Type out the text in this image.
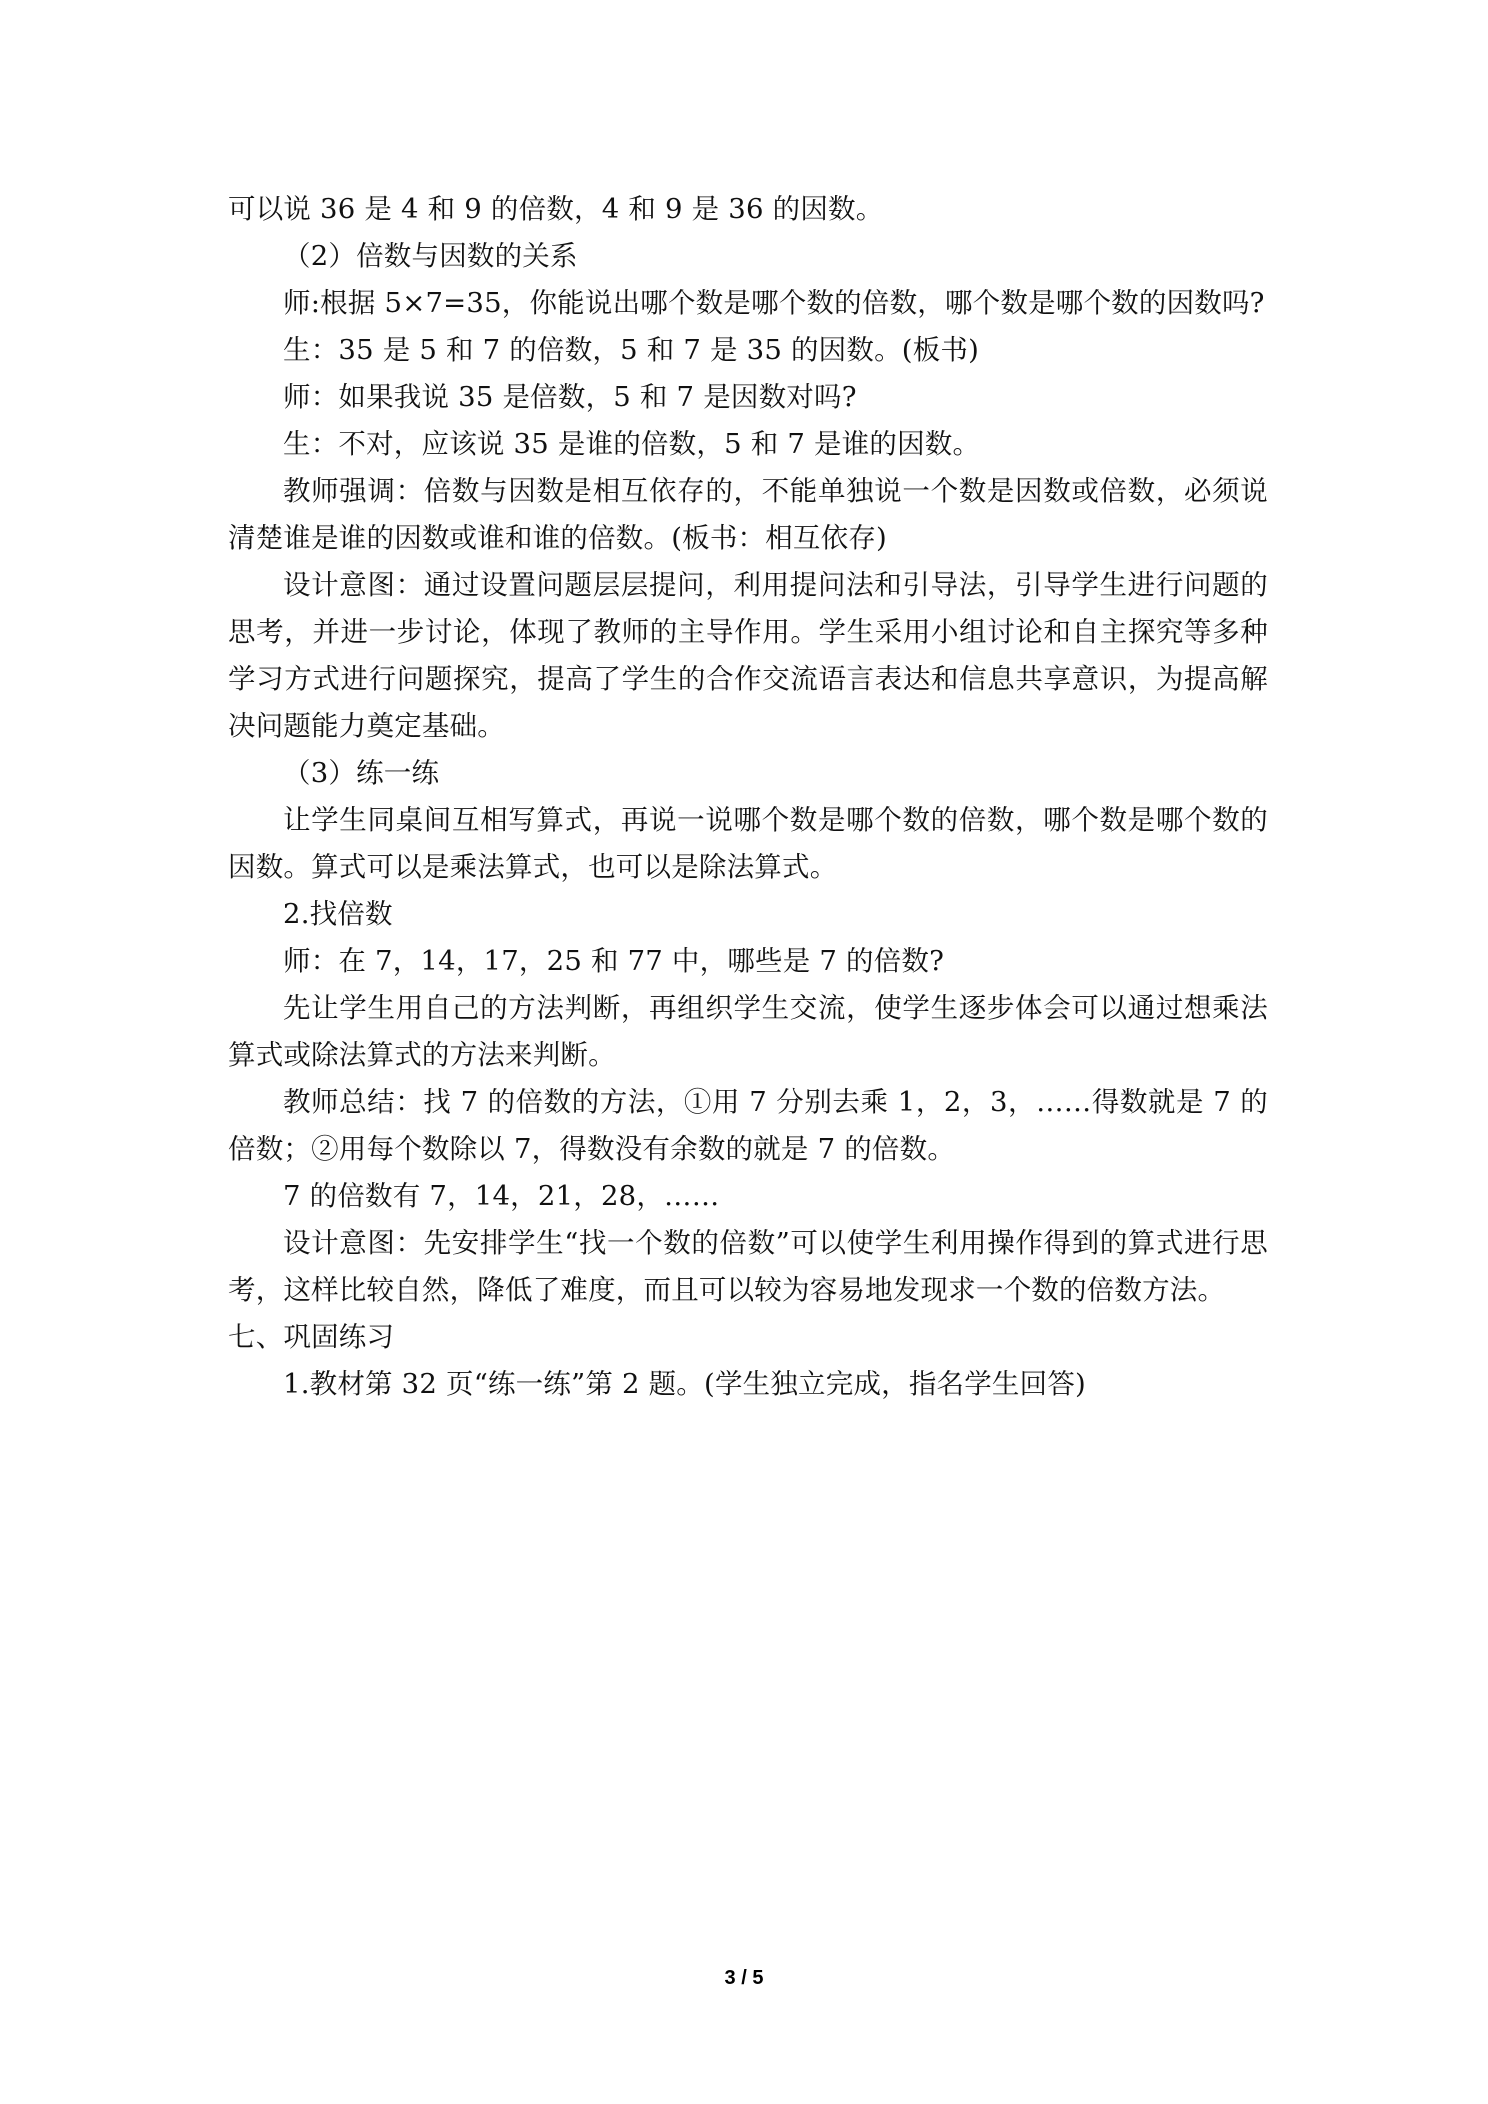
可以说 36 是 4 和 9 的倍数，4 和 9 是 36 的因数。

（2）倍数与因数的关系

师:根据 5×7=35，你能说出哪个数是哪个数的倍数，哪个数是哪个数的因数吗?

生：35 是 5 和 7 的倍数，5 和 7 是 35 的因数。(板书)

师：如果我说 35 是倍数，5 和 7 是因数对吗?

生：不对，应该说 35 是谁的倍数，5 和 7 是谁的因数。

教师强调：倍数与因数是相互依存的，不能单独说一个数是因数或倍数，必须说清楚谁是谁的因数或谁和谁的倍数。(板书：相互依存)

设计意图：通过设置问题层层提问，利用提问法和引导法，引导学生进行问题的思考，并进一步讨论，体现了教师的主导作用。学生采用小组讨论和自主探究等多种学习方式进行问题探究，提高了学生的合作交流语言表达和信息共享意识，为提高解决问题能力奠定基础。

（3）练一练

让学生同桌间互相写算式，再说一说哪个数是哪个数的倍数，哪个数是哪个数的因数。算式可以是乘法算式，也可以是除法算式。

2.找倍数

师：在 7，14，17，25 和 77 中，哪些是 7 的倍数?

先让学生用自己的方法判断，再组织学生交流，使学生逐步体会可以通过想乘法算式或除法算式的方法来判断。

教师总结：找 7 的倍数的方法，①用 7 分别去乘 1，2，3，……得数就是 7 的倍数；②用每个数除以 7，得数没有余数的就是 7 的倍数。

7 的倍数有 7，14，21，28，……

设计意图：先安排学生“找一个数的倍数”可以使学生利用操作得到的算式进行思考，这样比较自然，降低了难度，而且可以较为容易地发现求一个数的倍数方法。

七、巩固练习

1.教材第 32 页“练一练”第 2 题。(学生独立完成，指名学生回答)

3 / 5
